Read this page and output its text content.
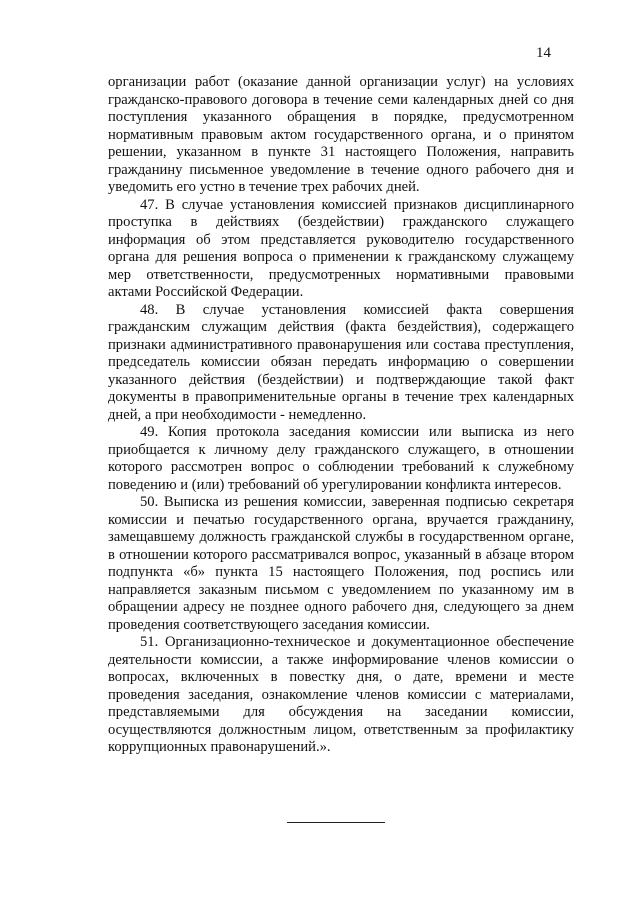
14

организации работ (оказание данной организации услуг) на условиях гражданско-правового договора в течение семи календарных дней со дня поступления указанного обращения в порядке, предусмотренном нормативным правовым актом государственного органа, и о принятом решении, указанном в пункте 31 настоящего Положения, направить гражданину письменное уведомление в течение одного рабочего дня и уведомить его устно в течение трех рабочих дней.

47. В случае установления комиссией признаков дисциплинарного проступка в действиях (бездействии) гражданского служащего информация об этом представляется руководителю государственного органа для решения вопроса о применении к гражданскому служащему мер ответственности, предусмотренных нормативными правовыми актами Российской Федерации.

48. В случае установления комиссией факта совершения гражданским служащим действия (факта бездействия), содержащего признаки административного правонарушения или состава преступления, председатель комиссии обязан передать информацию о совершении указанного действия (бездействии) и подтверждающие такой факт документы в правоприменительные органы в течение трех календарных дней, а при необходимости - немедленно.

49. Копия протокола заседания комиссии или выписка из него приобщается к личному делу гражданского служащего, в отношении которого рассмотрен вопрос о соблюдении требований к служебному поведению и (или) требований об урегулировании конфликта интересов.

50. Выписка из решения комиссии, заверенная подписью секретаря комиссии и печатью государственного органа, вручается гражданину, замещавшему должность гражданской службы в государственном органе, в отношении которого рассматривался вопрос, указанный в абзаце втором подпункта «б» пункта 15 настоящего Положения, под роспись или направляется заказным письмом с уведомлением по указанному им в обращении адресу не позднее одного рабочего дня, следующего за днем проведения соответствующего заседания комиссии.

51. Организационно-техническое и документационное обеспечение деятельности комиссии, а также информирование членов комиссии о вопросах, включенных в повестку дня, о дате, времени и месте проведения заседания, ознакомление членов комиссии с материалами, представляемыми для обсуждения на заседании комиссии, осуществляются должностным лицом, ответственным за профилактику коррупционных правонарушений.».
